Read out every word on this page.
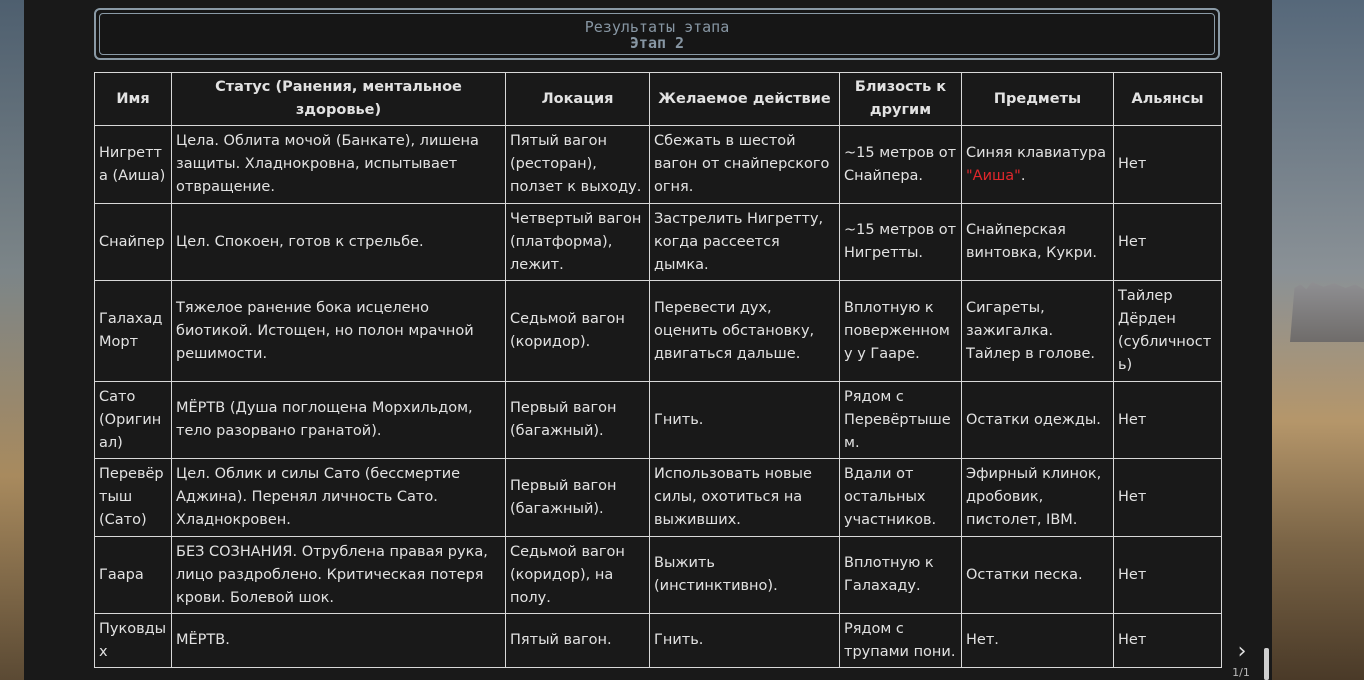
Результаты этапа
Этап 2
Имя	Статус (Ранения, ментальное здоровье)	Локация	Желаемое действие	Близость к другим	Предметы	Альянсы
Нигретта (Аиша)	Цела. Облита мочой (Банкате), лишена защиты. Хладнокровна, испытывает отвращение.	Пятый вагон (ресторан), ползет к выходу.	Сбежать в шестой вагон от снайперского огня.	~15 метров от Снайпера.	Синяя клавиатура "Аиша".	Нет
Снайпер	Цел. Спокоен, готов к стрельбе.	Четвертый вагон (платформа), лежит.	Застрелить Нигретту, когда рассеется дымка.	~15 метров от Нигретты.	Снайперская винтовка, Кукри.	Нет
Галахад Морт	Тяжелое ранение бока исцелено биотикой. Истощен, но полон мрачной решимости.	Седьмой вагон (коридор).	Перевести дух, оценить обстановку, двигаться дальше.	Вплотную к поверженному у Гааре.	Сигареты, зажигалка. Тайлер в голове.	Тайлер Дёрден (субличность)
Сато (Оригинал)	МЁРТВ (Душа поглощена Морхильдом, тело разорвано гранатой).	Первый вагон (багажный).	Гнить.	Рядом с Перевёртышем.	Остатки одежды.	Нет
Перевёртыш (Сато)	Цел. Облик и силы Сато (бессмертие Аджина). Перенял личность Сато. Хладнокровен.	Первый вагон (багажный).	Использовать новые силы, охотиться на выживших.	Вдали от остальных участников.	Эфирный клинок, дробовик, пистолет, IBM.	Нет
Гаара	БЕЗ СОЗНАНИЯ. Отрублена правая рука, лицо раздроблено. Критическая потеря крови. Болевой шок.	Седьмой вагон (коридор), на полу.	Выжить (инстинктивно).	Вплотную к Галахаду.	Остатки песка.	Нет
Пуковдых	МЁРТВ.	Пятый вагон.	Гнить.	Рядом с трупами пони.	Нет.	Нет	›
1/1
